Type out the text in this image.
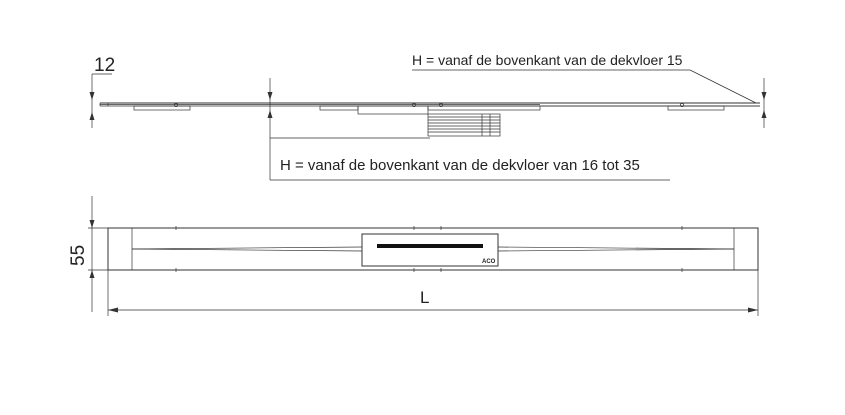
12
H = vanaf de bovenkant van de dekvloer van 16 tot 35
H = vanaf de bovenkant van de dekvloer 15
55	ACO
L
